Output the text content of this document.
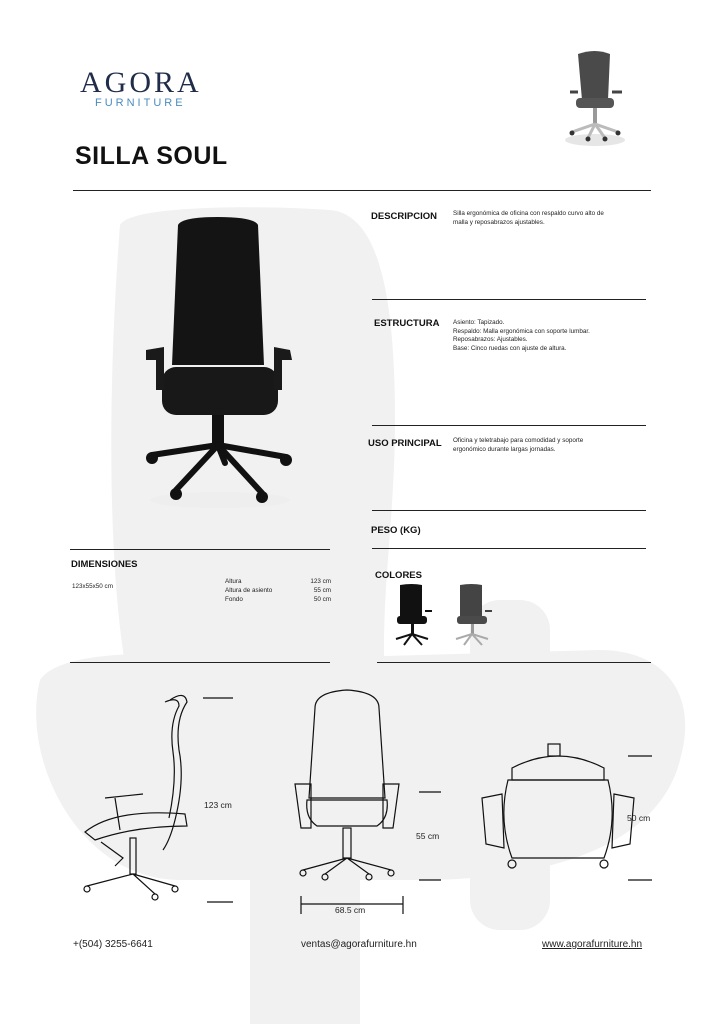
AGORA
FURNITURE
SILLA SOUL
DESCRIPCION	Silla ergonómica de oficina con respaldo curvo alto de
malla y reposabrazos ajustables.
ESTRUCTURA Asiento: Tapizado.
Respaldo: Malla ergonómica con soporte lumbar.
Reposabrazos: Ajustables.
Base: Cinco ruedas con ajuste de altura.
USO PRINCIPAL Oficina y teletrabajo para comodidad y soporte
ergonómico durante largas jornadas.
PESO (KG)
COLORES
DIMENSIONES
123x55x50 cm
Altura	123 cm
Altura de asiento	55 cm
Fondo	50 cm
123 cm
55 cm
68.5 cm
50 cm
+(504) 3255-6641	ventas@agorafurniture.hn	www.agorafurniture.hn
